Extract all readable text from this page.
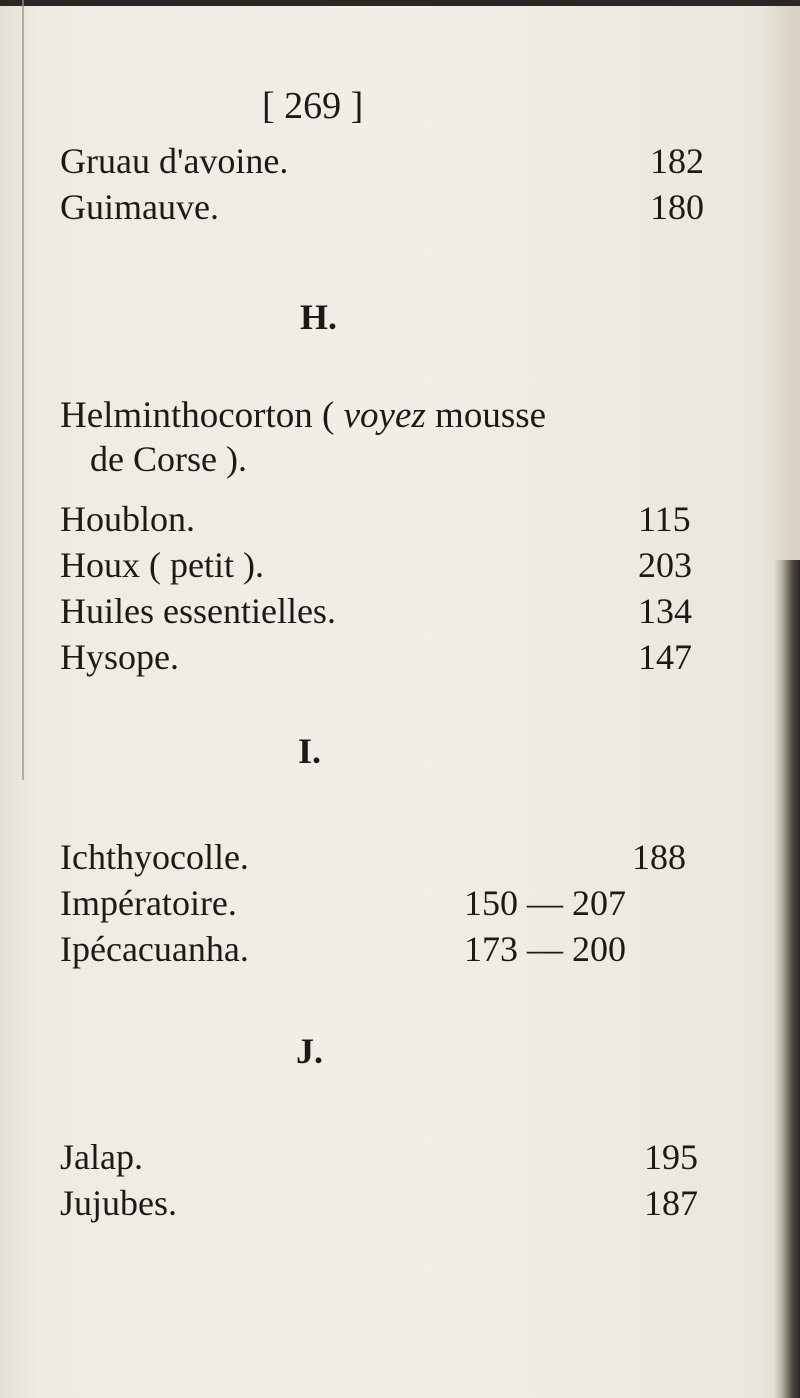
[ 269 ]
Gruau d'avoine.	182
Guimauve.	180
H.
Helminthocorton ( voyez mousse
de Corse ).
Houblon.	115
Houx ( petit ).	203
Huiles essentielles.	134
Hysope.	147
I.
Ichthyocolle.	188
Impératoire.	150 — 207
Ipécacuanha.	173 — 200
J.
Jalap.	195
Jujubes.	187
